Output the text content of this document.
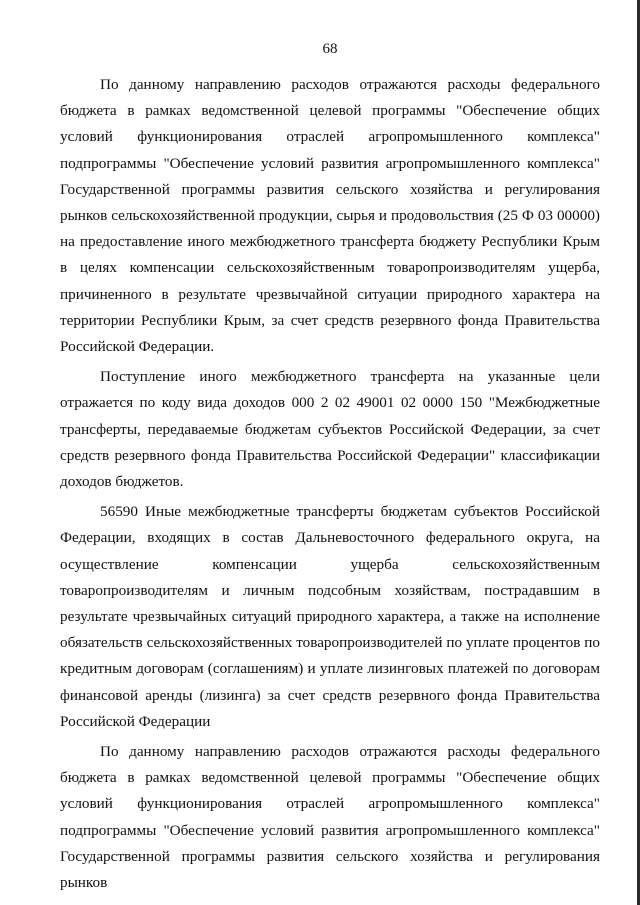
68

По данному направлению расходов отражаются расходы федерального бюджета в рамках ведомственной целевой программы "Обеспечение общих условий функционирования отраслей агропромышленного комплекса" подпрограммы "Обеспечение условий развития агропромышленного комплекса" Государственной программы развития сельского хозяйства и регулирования рынков сельскохозяйственной продукции, сырья и продовольствия (25 Ф 03 00000) на предоставление иного межбюджетного трансферта бюджету Республики Крым в целях компенсации сельскохозяйственным товаропроизводителям ущерба, причиненного в результате чрезвычайной ситуации природного характера на территории Республики Крым, за счет средств резервного фонда Правительства Российской Федерации.

Поступление иного межбюджетного трансферта на указанные цели отражается по коду вида доходов 000 2 02 49001 02 0000 150 "Межбюджетные трансферты, передаваемые бюджетам субъектов Российской Федерации, за счет средств резервного фонда Правительства Российской Федерации" классификации доходов бюджетов.

56590 Иные межбюджетные трансферты бюджетам субъектов Российской Федерации, входящих в состав Дальневосточного федерального округа, на осуществление компенсации ущерба сельскохозяйственным товаропроизводителям и личным подсобным хозяйствам, пострадавшим в результате чрезвычайных ситуаций природного характера, а также на исполнение обязательств сельскохозяйственных товаропроизводителей по уплате процентов по кредитным договорам (соглашениям) и уплате лизинговых платежей по договорам финансовой аренды (лизинга) за счет средств резервного фонда Правительства Российской Федерации

По данному направлению расходов отражаются расходы федерального бюджета в рамках ведомственной целевой программы "Обеспечение общих условий функционирования отраслей агропромышленного комплекса" подпрограммы "Обеспечение условий развития агропромышленного комплекса" Государственной программы развития сельского хозяйства и регулирования рынков
